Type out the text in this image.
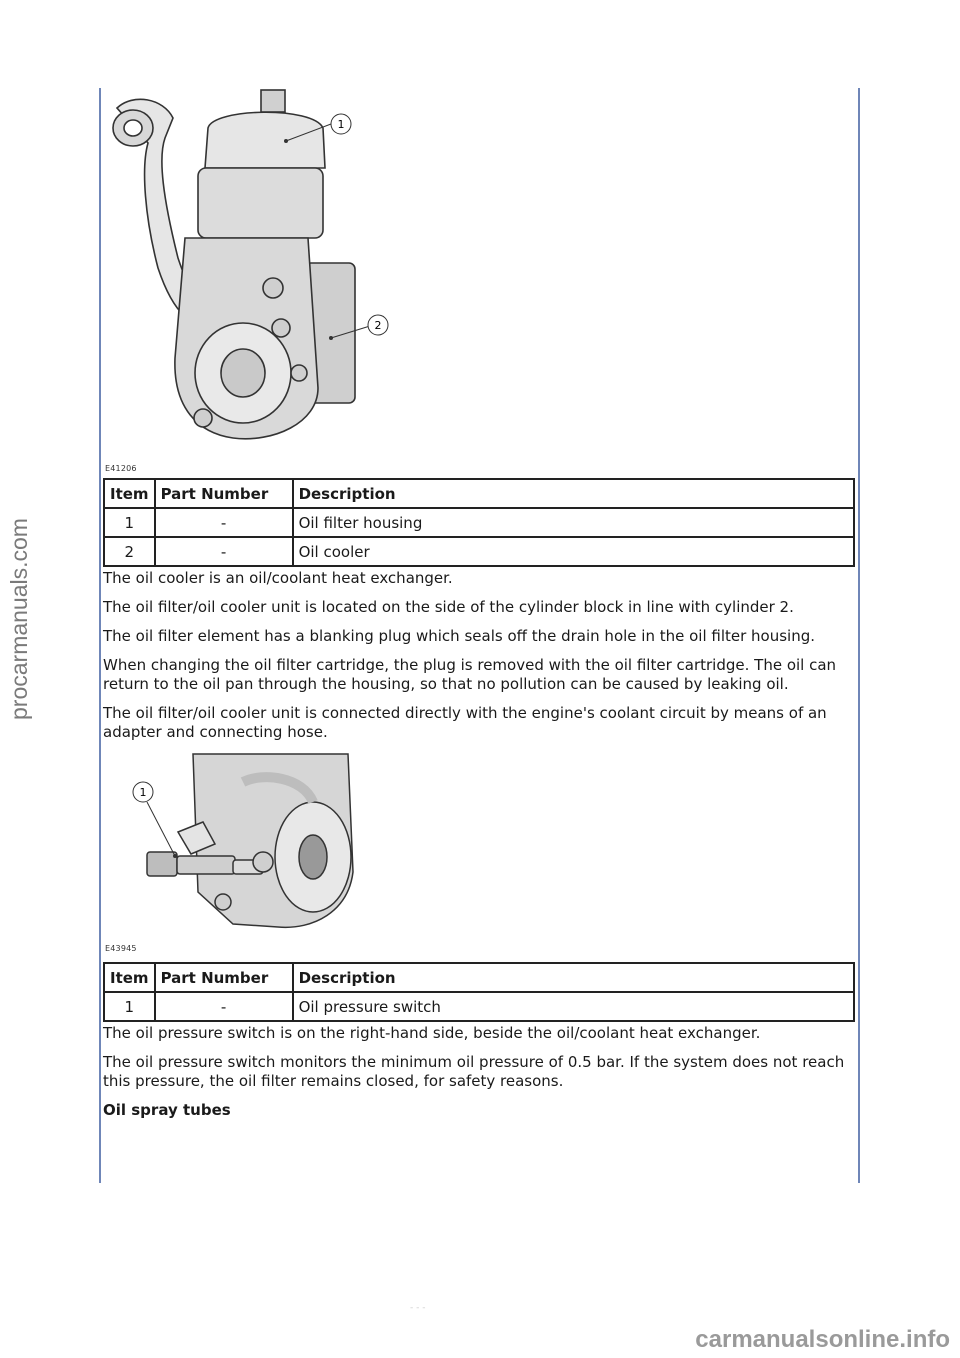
1
2
E41206
Item	Part Number	Description
1	-	Oil filter housing
2	-	Oil cooler

The oil cooler is an oil/coolant heat exchanger.

The oil filter/oil cooler unit is located on the side of the cylinder block in line with cylinder 2.

The oil filter element has a blanking plug which seals off the drain hole in the oil filter housing.

When changing the oil filter cartridge, the plug is removed with the oil filter cartridge. The oil can return to the oil pan through the housing, so that no pollution can be caused by leaking oil.

The oil filter/oil cooler unit is connected directly with the engine's coolant circuit by means of an adapter and connecting hose.

1
E43945
Item	Part Number	Description
1	-	Oil pressure switch

The oil pressure switch is on the right-hand side, beside the oil/coolant heat exchanger.

The oil pressure switch monitors the minimum oil pressure of 0.5 bar. If the system does not reach this pressure, the oil filter remains closed, for safety reasons.

Oil spray tubes
procarmanuals.com
- - -
carmanualsonline.info
